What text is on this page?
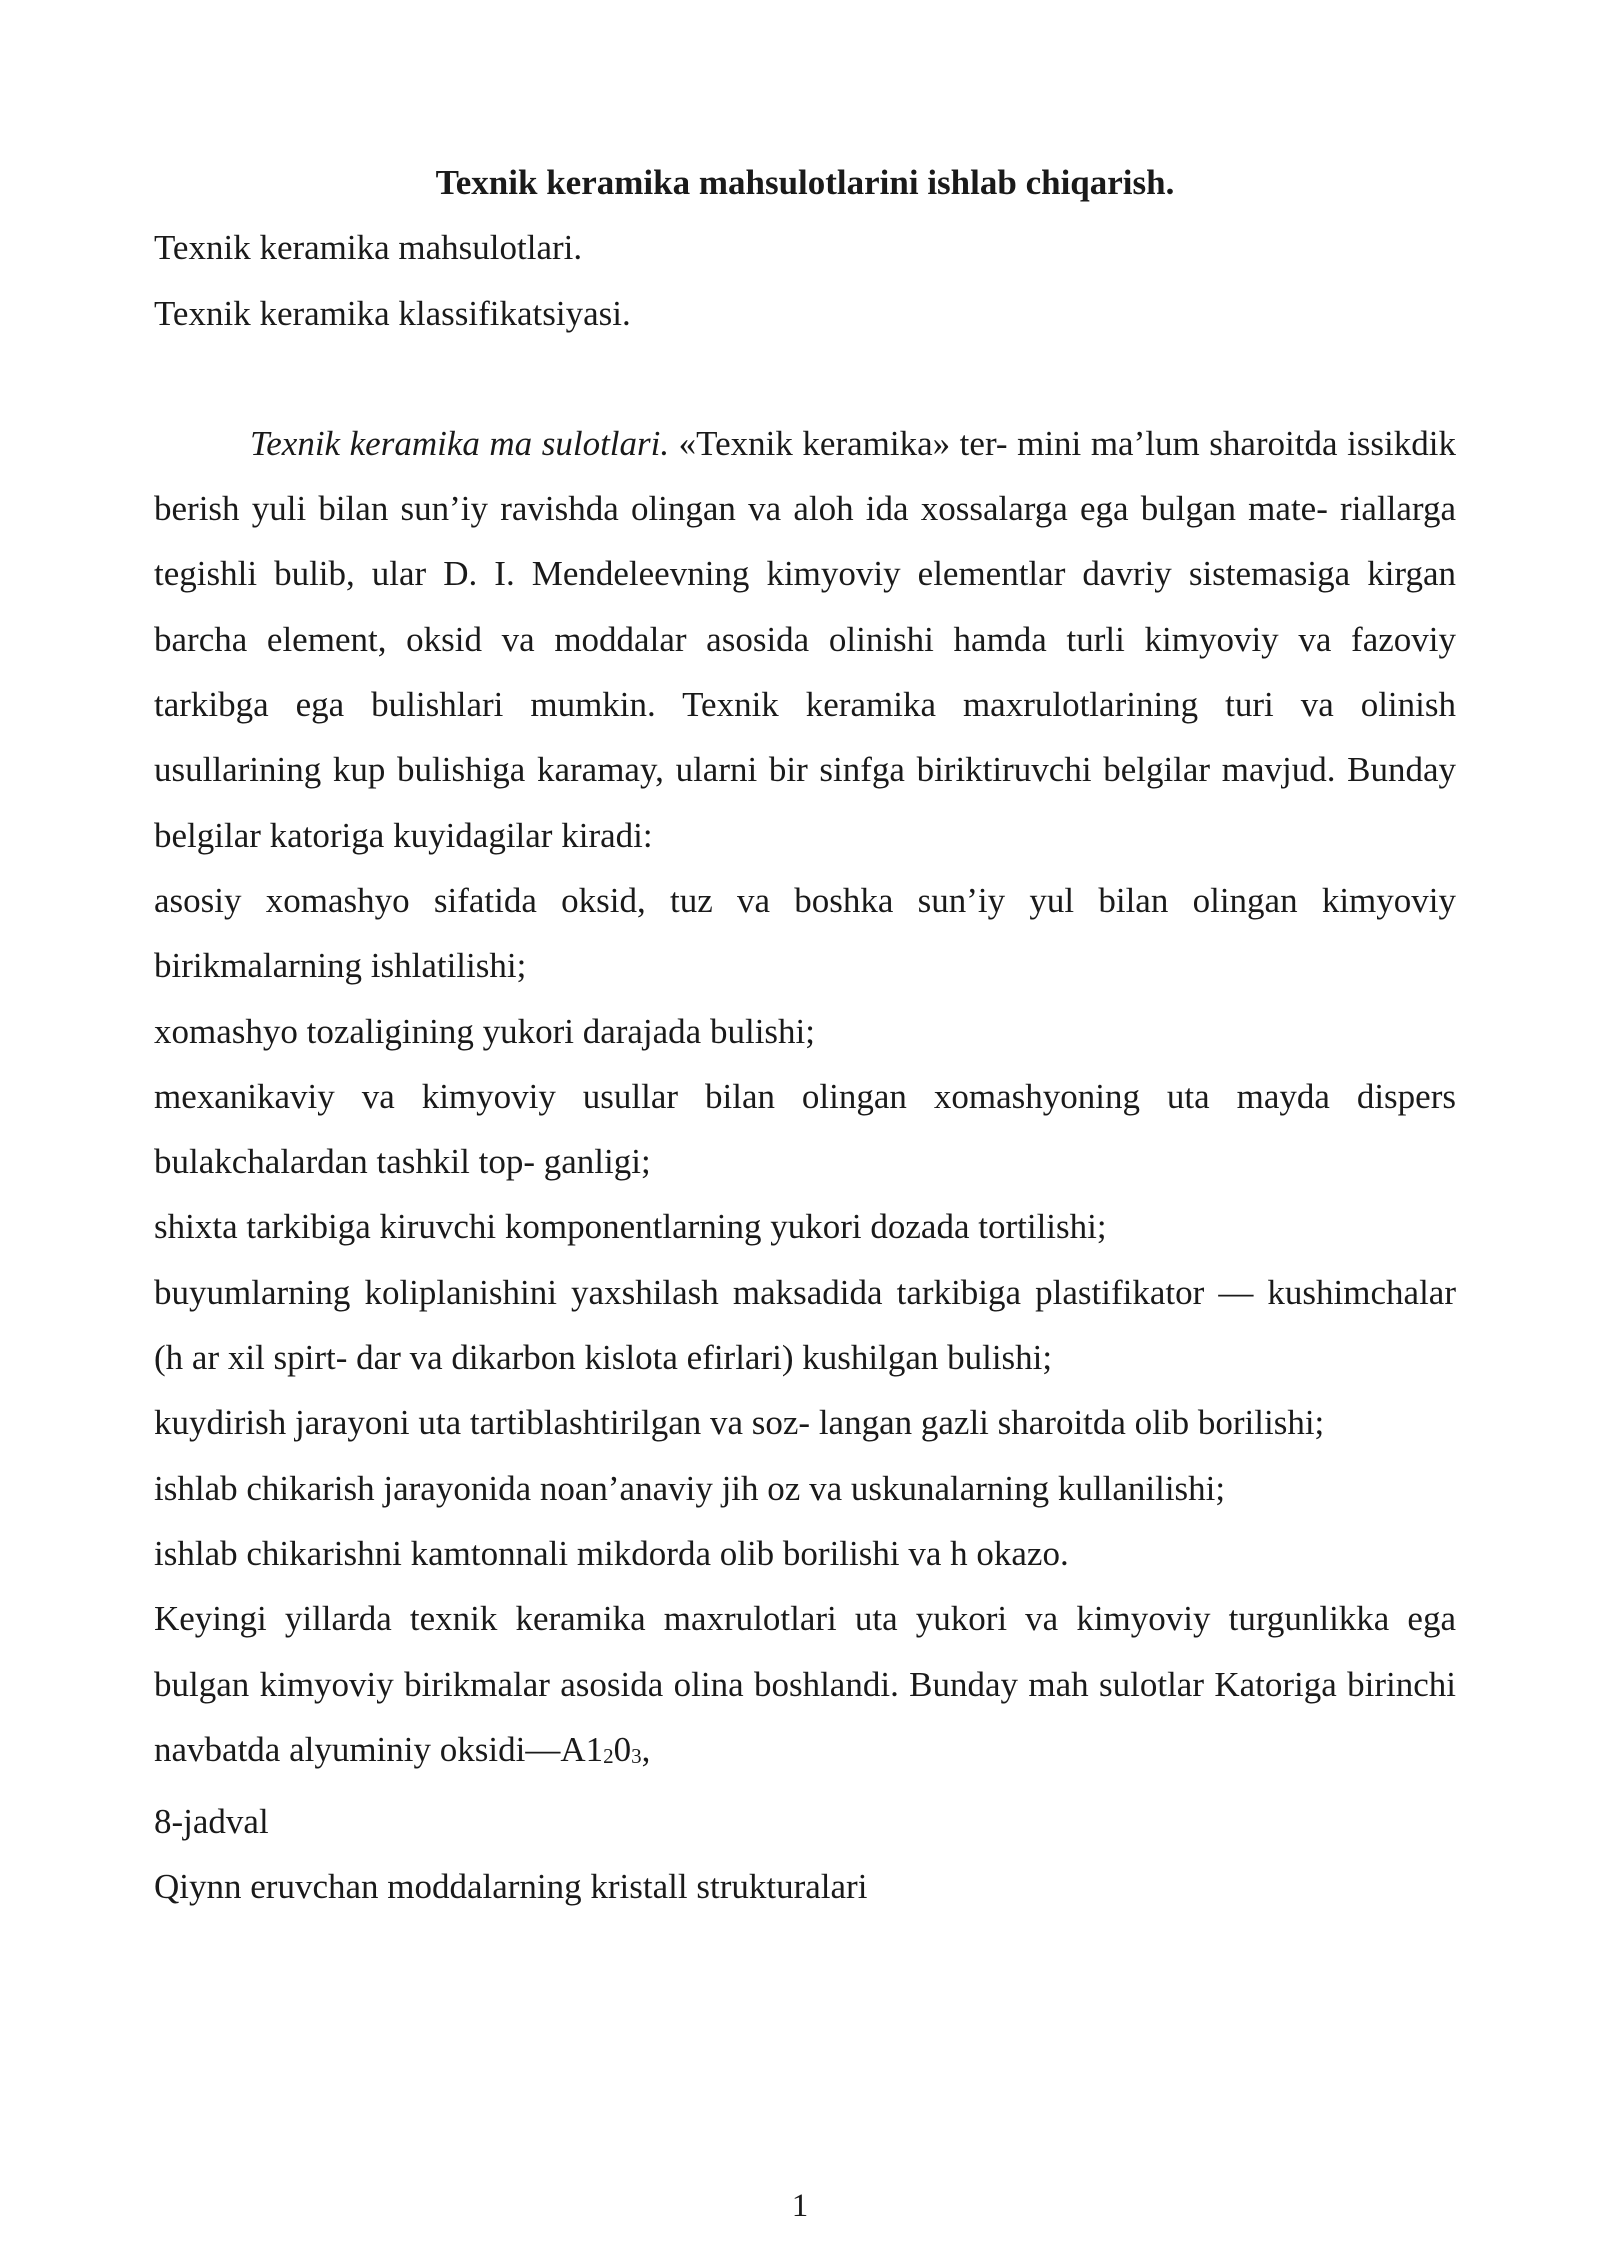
Texnik keramika mahsulotlarini ishlab chiqarish.

Texnik keramika mahsulotlari.

Texnik keramika klassifikatsiyasi.

Texnik keramika ma sulotlari. «Texnik keramika» ter- mini ma’lum sharoitda issikdik berish yuli bilan sun’iy ravishda olingan va aloh ida xossalarga ega bulgan mate- riallarga tegishli bulib, ular D. I. Mendeleevning kimyoviy elementlar davriy sistemasiga kirgan barcha element, oksid va moddalar asosida olinishi hamda turli kimyoviy va fazoviy tarkibga ega bulishlari mumkin. Texnik keramika maxrulotlarining turi va olinish usullarining kup bulishiga karamay, ularni bir sinfga biriktiruvchi belgilar mavjud. Bunday belgilar katoriga kuyidagilar kiradi:

asosiy xomashyo sifatida oksid, tuz va boshka sun’iy yul bilan olingan kimyoviy birikmalarning ishlatilishi;

xomashyo tozaligining yukori darajada bulishi;

mexanikaviy va kimyoviy usullar bilan olingan xomashyoning uta mayda dispers bulakchalardan tashkil top- ganligi;

shixta tarkibiga kiruvchi komponentlarning yukori dozada tortilishi;

buyumlarning koliplanishini yaxshilash maksadida tarkibiga plastifikator — kushimchalar (h ar xil spirt- dar va dikarbon kislota efirlari) kushilgan bulishi;

kuydirish jarayoni uta tartiblashtirilgan va soz- langan gazli sharoitda olib borilishi;

ishlab chikarish jarayonida noan’anaviy jih oz va uskunalarning kullanilishi;

ishlab chikarishni kamtonnali mikdorda olib borilishi va h okazo.

Keyingi yillarda texnik keramika maxrulotlari uta yukori va kimyoviy turgunlikka ega bulgan kimyoviy birikmalar asosida olina boshlandi. Bunday mah sulotlar Katoriga birinchi navbatda alyuminiy $oksidi—A1_20_3$,

8-jadval

Qiynn eruvchan moddalarning kristall strukturalari

1
